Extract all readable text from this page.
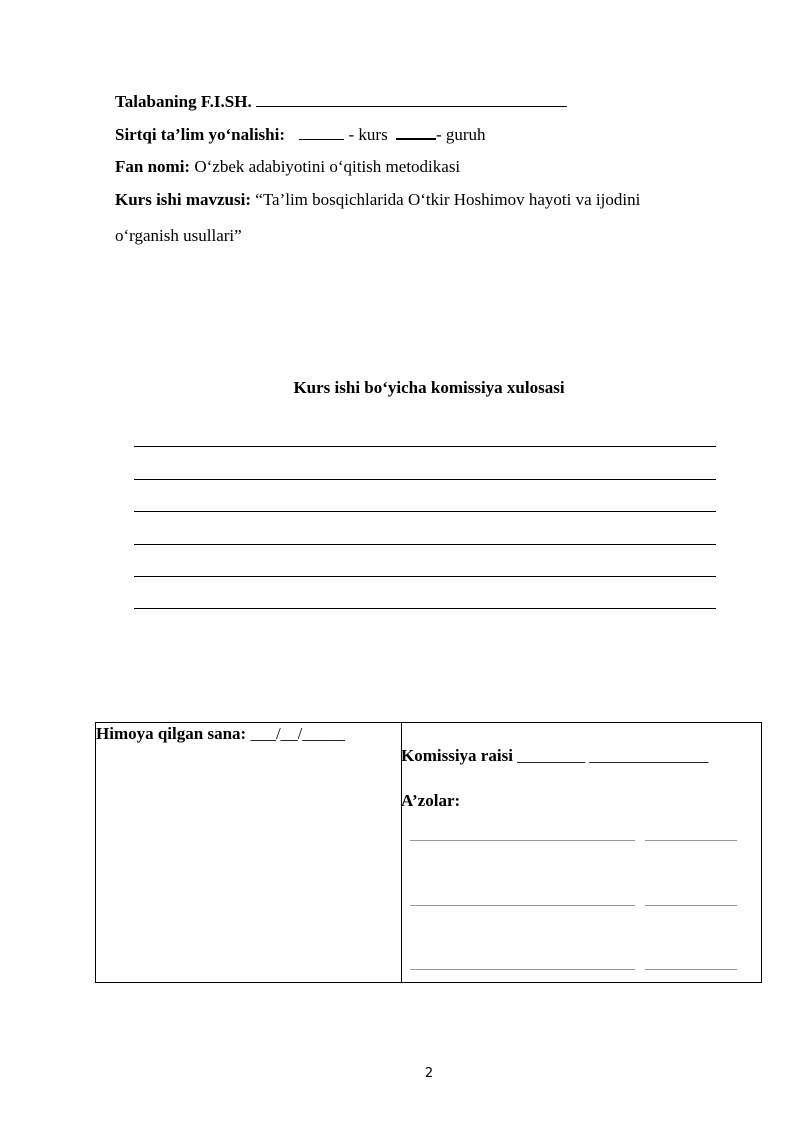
Talabaning F.I.SH.
Sirtqi ta’lim yo‘nalishi:	- kurs	- guruh
Fan nomi: O‘zbek adabiyotini o‘qitish metodikasi
Kurs ishi mavzusi: “Ta’lim bosqichlarida O‘tkir Hoshimov hayoti va ijodini
o‘rganish usullari”
Kurs ishi bo‘yicha komissiya xulosasi
Himoya qilgan sana: ___/__/_____
Komissiya raisi ________ ______________
A’zolar:
2
